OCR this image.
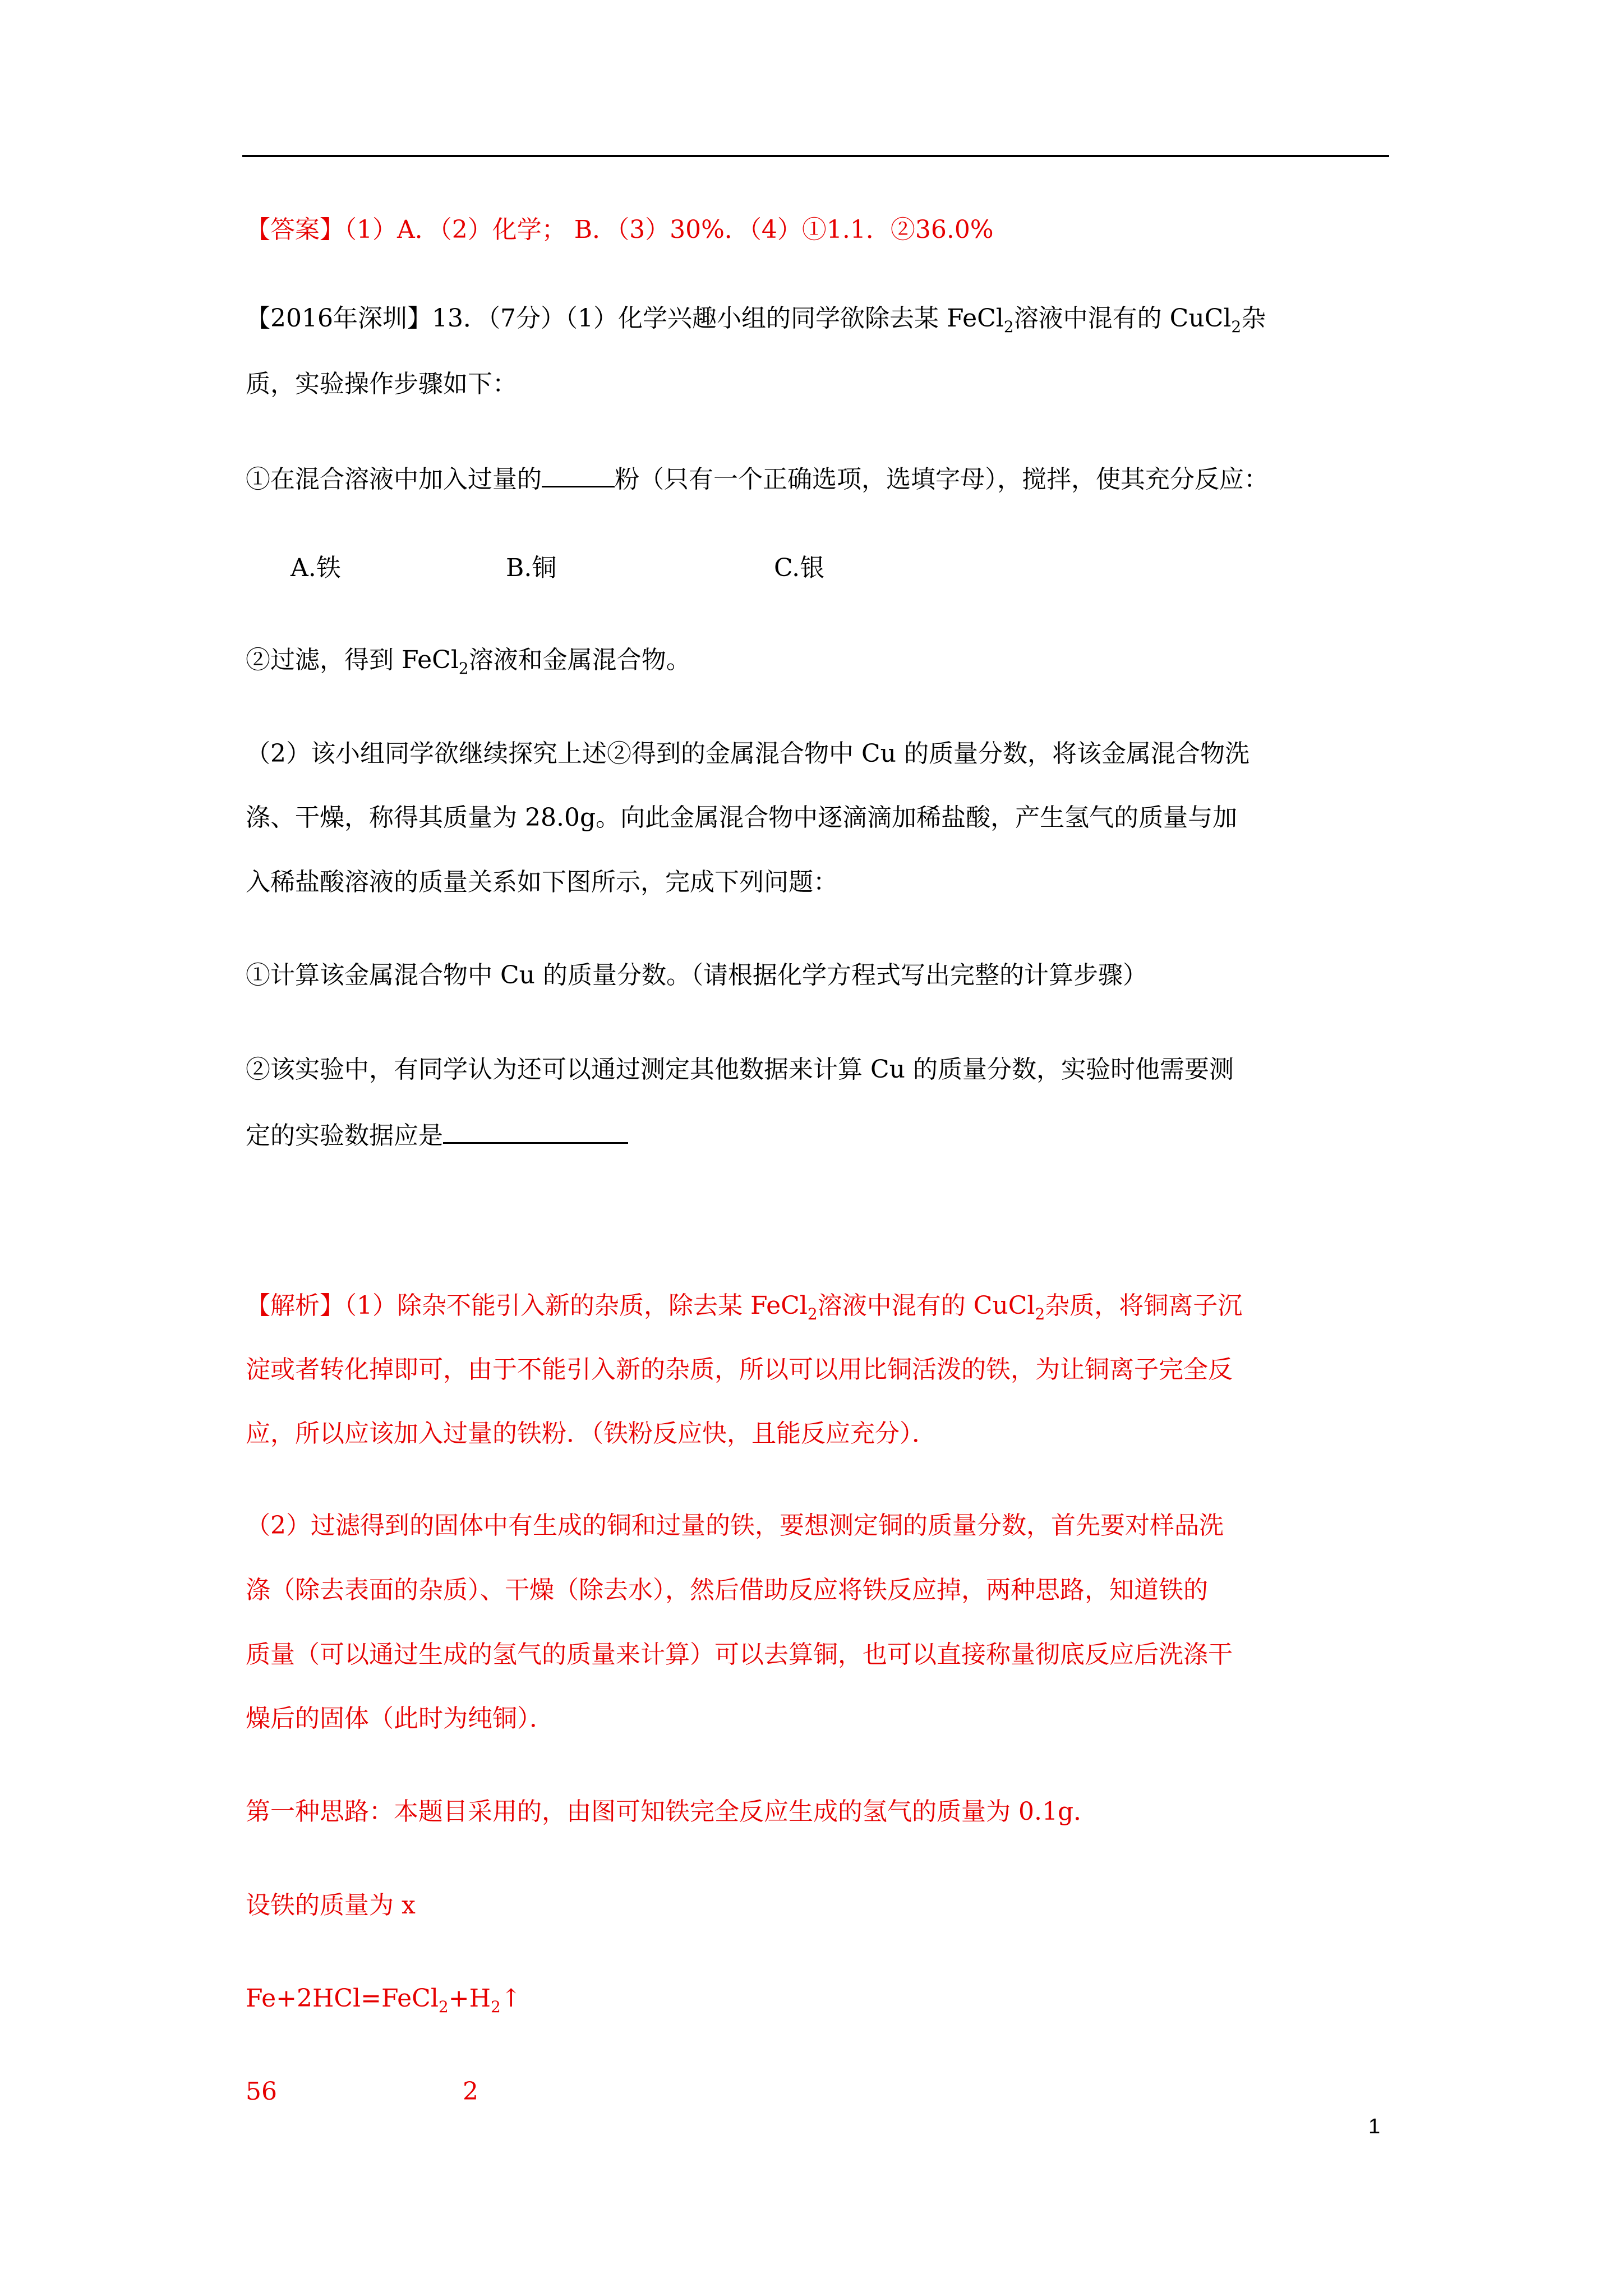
【答案】（1）A．（2）化学； B．（3）30%．（4）①1.1．②36.0%
【2016年深圳】13．（7分）（1）化学兴趣小组的同学欲除去某 FeCl$_2$溶液中混有的 CuCl$_2$杂
质，实验操作步骤如下：
①在混合溶液中加入过量的	粉（只有一个正确选项，选填字母），搅拌，使其充分反应：
A.铁	B.铜	C.银
②过滤，得到 FeCl$_2$溶液和金属混合物。
（2）该小组同学欲继续探究上述②得到的金属混合物中 Cu 的质量分数，将该金属混合物洗
涤、干燥，称得其质量为 28.0g。向此金属混合物中逐滴滴加稀盐酸，产生氢气的质量与加
入稀盐酸溶液的质量关系如下图所示，完成下列问题：
①计算该金属混合物中 Cu 的质量分数。（请根据化学方程式写出完整的计算步骤）
②该实验中，有同学认为还可以通过测定其他数据来计算 Cu 的质量分数，实验时他需要测
定的实验数据应是
【解析】（1）除杂不能引入新的杂质，除去某 FeCl$_2$溶液中混有的 CuCl$_2$杂质，将铜离子沉
淀或者转化掉即可，由于不能引入新的杂质，所以可以用比铜活泼的铁，为让铜离子完全反
应，所以应该加入过量的铁粉．（铁粉反应快，且能反应充分）．
（2）过滤得到的固体中有生成的铜和过量的铁，要想测定铜的质量分数，首先要对样品洗
涤（除去表面的杂质）、干燥（除去水），然后借助反应将铁反应掉，两种思路，知道铁的
质量（可以通过生成的氢气的质量来计算）可以去算铜，也可以直接称量彻底反应后洗涤干
燥后的固体（此时为纯铜）．
第一种思路：本题目采用的，由图可知铁完全反应生成的氢气的质量为 0.1g．
设铁的质量为 x
$Fe+2HCl=FeCl_2+H_2↑$
56	2
1
